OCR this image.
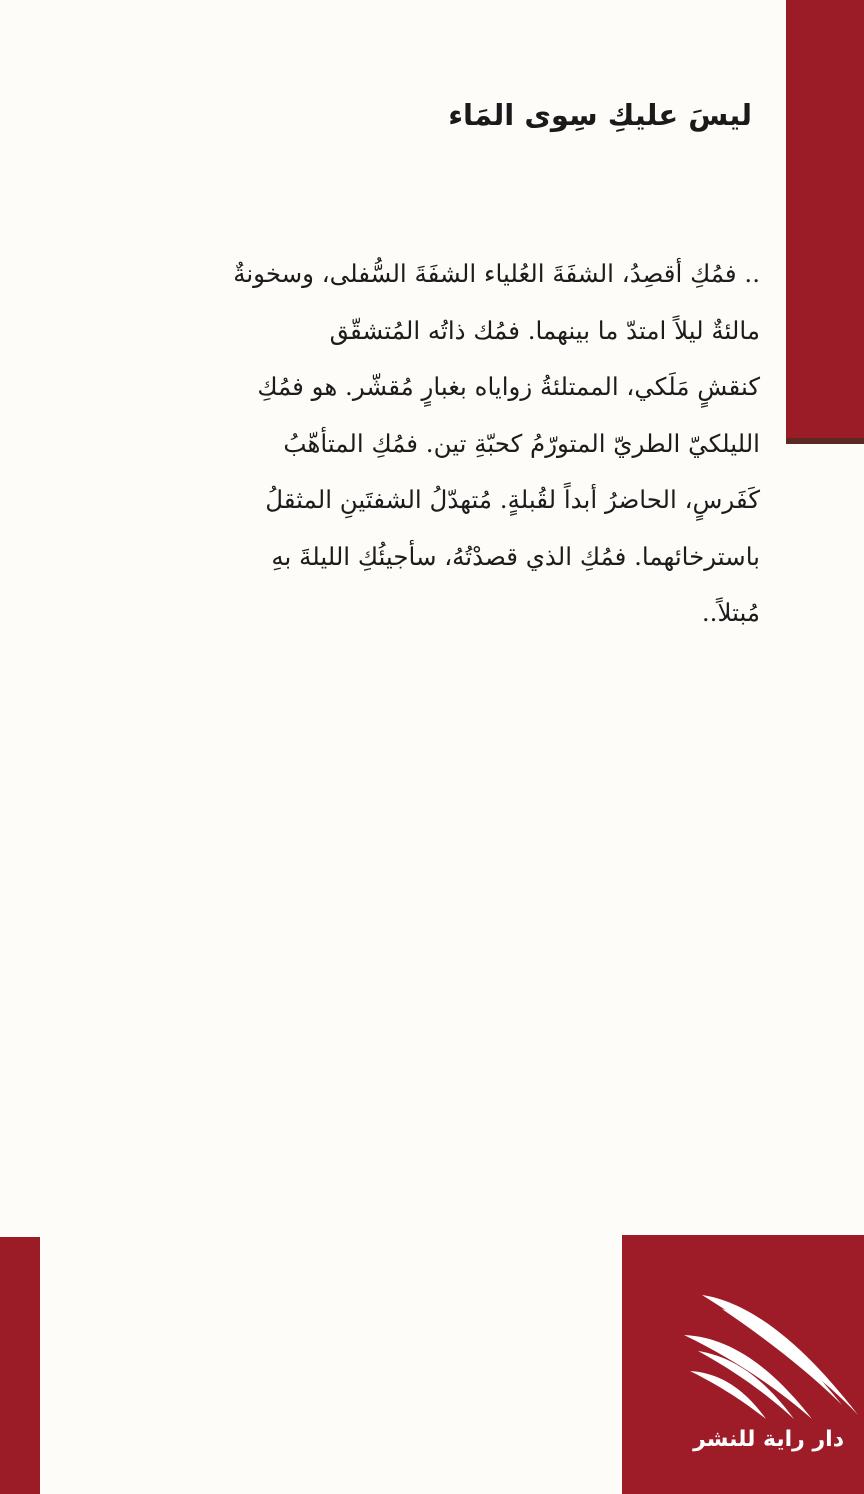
ليسَ عليكِ سِوى المَاء
.. فمُكِ أقصِدُ، الشفَةَ العُلياء الشفَةَ السُّفلى، وسخونةٌ
مالئةٌ ليلاً امتدّ ما بينهما. فمُك ذاتُه المُتشقّق
كنقشٍ مَلَكي، الممتلئةُ زواياه بغبارٍ مُقشّر. هو فمُكِ
الليلكيّ الطريّ المتورّمُ كحبّةِ تين. فمُكِ المتأهّبُ
كَفَرسٍ، الحاضرُ أبداً لقُبلةٍ. مُتهدّلُ الشفتَينِ المثقلُ
باسترخائهما. فمُكِ الذي قصدْتُهُ، سأجيئُكِ الليلةَ بهِ
مُبتلاً..
دار راية للنشر
